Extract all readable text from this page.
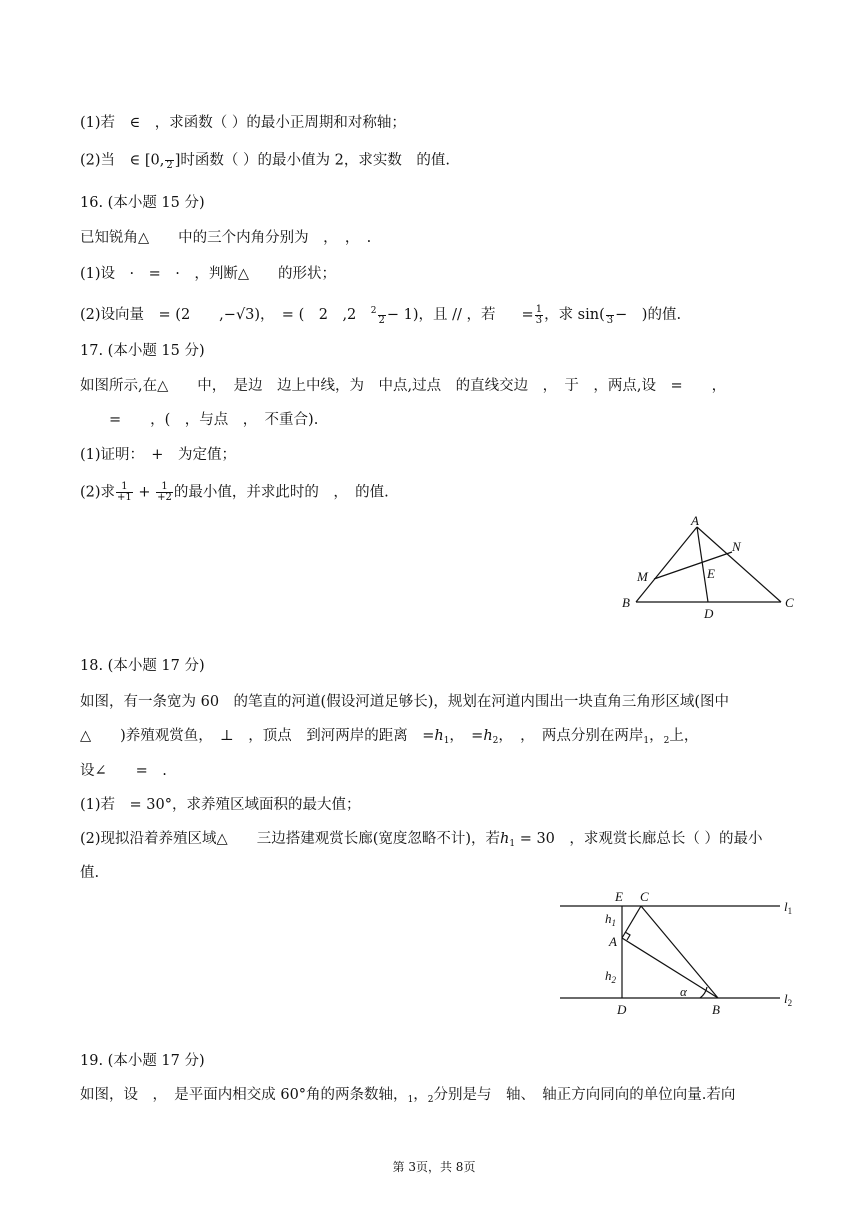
(1)若　∈　，求函数（ ）的最小正周期和对称轴；
(2)当　∈ [0,
2 ]时函数（ ）的最小值为 2，求实数　的值.
16. (本小题 15 分)
已知锐角△　　中的三个内角分别为　，　，　.
(1)设　·　=　·　，判断△　　的形状；
(2)设向量　= (2　　,−√3)，　= (　2　,2　$^2$

2 − 1)，且 // ，若 = $\frac{1}{3}$ ，求 sin(
3 −　)的值.
17. (本小题 15 分)
如图所示,在△　　中，　是边　边上中线，为　中点,过点　的直线交边　，　于　，两点,设　=　　，
　　=　　，(　，与点　，　不重合).
(1)证明：　+　为定值；
(2)求 $\frac{1}{+1} + \frac{1}{+2}$ 的最小值，并求此时的　，　的值.
A
B	C
D
E
M
N
18. (本小题 17 分)
如图，有一条宽为 60　的笔直的河道(假设河道足够长)，规划在河道内围出一块直角三角形区域(图中
△　　)养殖观赏鱼，　⊥　，顶点　到河两岸的距离　$=h_1$，　$=h_2$，　，　两点分别在两岸$_1$，$_2$上，
设∠　　=　.
(1)若　= 30°，求养殖区域面积的最大值；
(2)现拟沿着养殖区域△　　三边搭建观赏长廊(宽度忽略不计)，若$h_1 = 30$　，求观赏长廊总长（ ）的最小
值.
E C
A
D	B
α
$h_1$
$h_2$
$l_1$
$l_2$
19. (本小题 17 分)
如图，设　，　是平面内相交成 60°角的两条数轴，$_1$，$_2$分别是与　轴、　轴正方向同向的单位向量.若向
第 3页，共 8页
